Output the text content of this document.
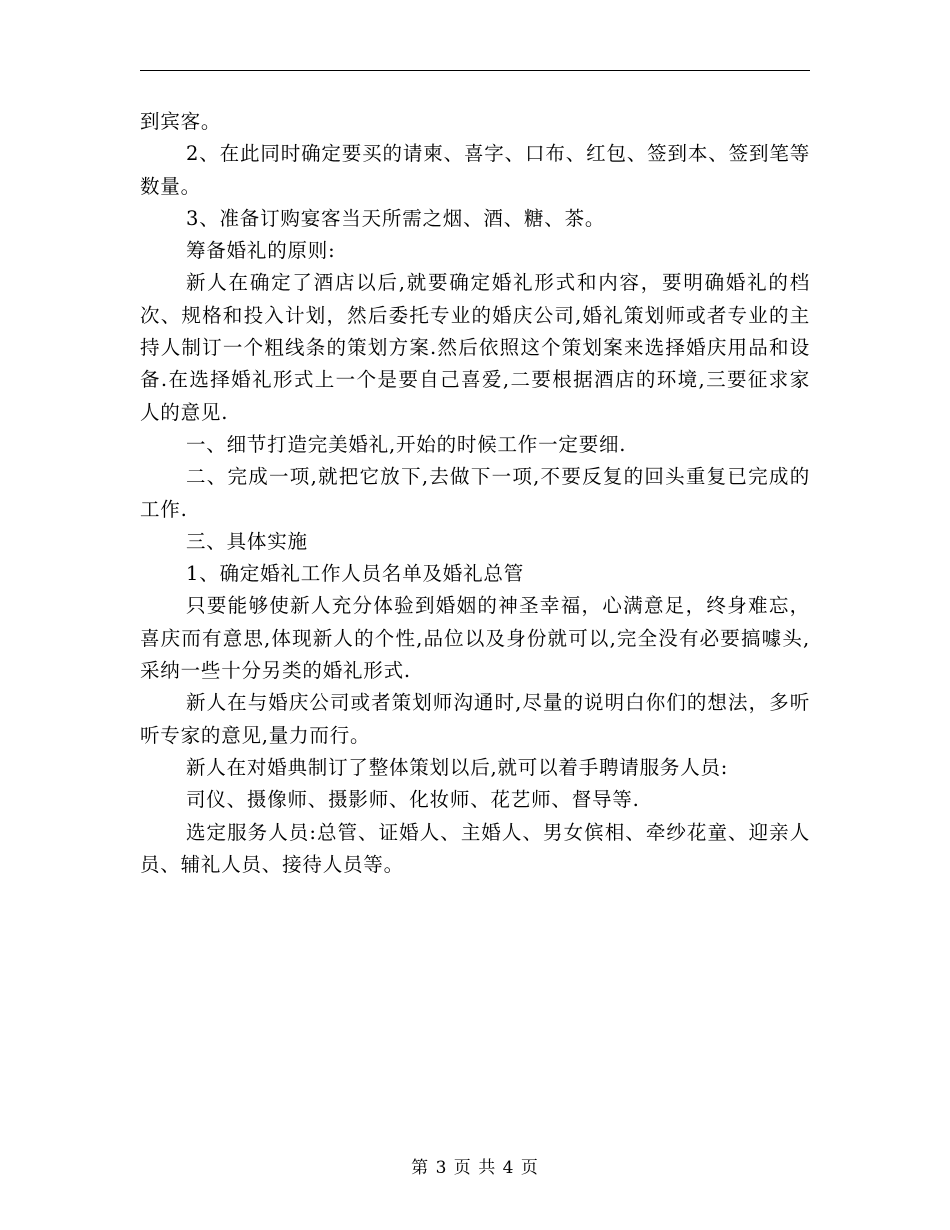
到宾客。

2、在此同时确定要买的请柬、喜字、口布、红包、签到本、签到笔等数量。

3、准备订购宴客当天所需之烟、酒、糖、茶。

筹备婚礼的原则:

新人在确定了酒店以后,就要确定婚礼形式和内容，要明确婚礼的档次、规格和投入计划，然后委托专业的婚庆公司,婚礼策划师或者专业的主持人制订一个粗线条的策划方案.然后依照这个策划案来选择婚庆用品和设备.在选择婚礼形式上一个是要自己喜爱,二要根据酒店的环境,三要征求家人的意见.

一、细节打造完美婚礼,开始的时候工作一定要细.

二、完成一项,就把它放下,去做下一项,不要反复的回头重复已完成的工作.

三、具体实施

1、确定婚礼工作人员名单及婚礼总管

只要能够使新人充分体验到婚姻的神圣幸福，心满意足，终身难忘，喜庆而有意思,体现新人的个性,品位以及身份就可以,完全没有必要搞噱头,采纳一些十分另类的婚礼形式.

新人在与婚庆公司或者策划师沟通时,尽量的说明白你们的想法，多听听专家的意见,量力而行。

新人在对婚典制订了整体策划以后,就可以着手聘请服务人员:

司仪、摄像师、摄影师、化妆师、花艺师、督导等.

选定服务人员:总管、证婚人、主婚人、男女傧相、牵纱花童、迎亲人员、辅礼人员、接待人员等。

第 3 页 共 4 页
